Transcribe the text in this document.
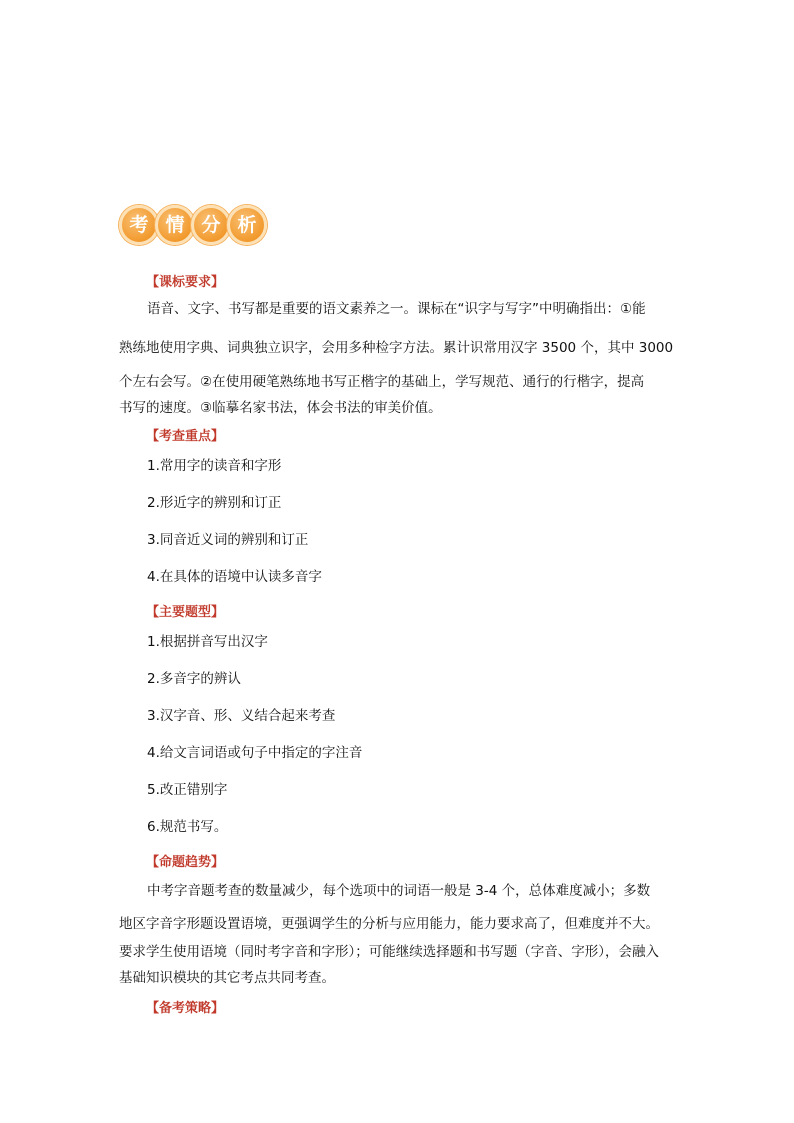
考 情 分 析
【课标要求】
语音、文字、书写都是重要的语文素养之一。课标在“识字与写字”中明确指出：①能
熟练地使用字典、词典独立识字，会用多种检字方法。累计识常用汉字 3500 个，其中 3000
个左右会写。②在使用硬笔熟练地书写正楷字的基础上，学写规范、通行的行楷字，提高
书写的速度。③临摹名家书法，体会书法的审美价值。
【考查重点】
1.常用字的读音和字形
2.形近字的辨别和订正
3.同音近义词的辨别和订正
4.在具体的语境中认读多音字
【主要题型】
1.根据拼音写出汉字
2.多音字的辨认
3.汉字音、形、义结合起来考查
4.给文言词语或句子中指定的字注音
5.改正错别字
6.规范书写。
【命题趋势】
中考字音题考查的数量减少，每个选项中的词语一般是 3-4 个，总体难度减小；多数
地区字音字形题设置语境，更强调学生的分析与应用能力，能力要求高了，但难度并不大。
要求学生使用语境（同时考字音和字形）；可能继续选择题和书写题（字音、字形），会融入
基础知识模块的其它考点共同考查。
【备考策略】
